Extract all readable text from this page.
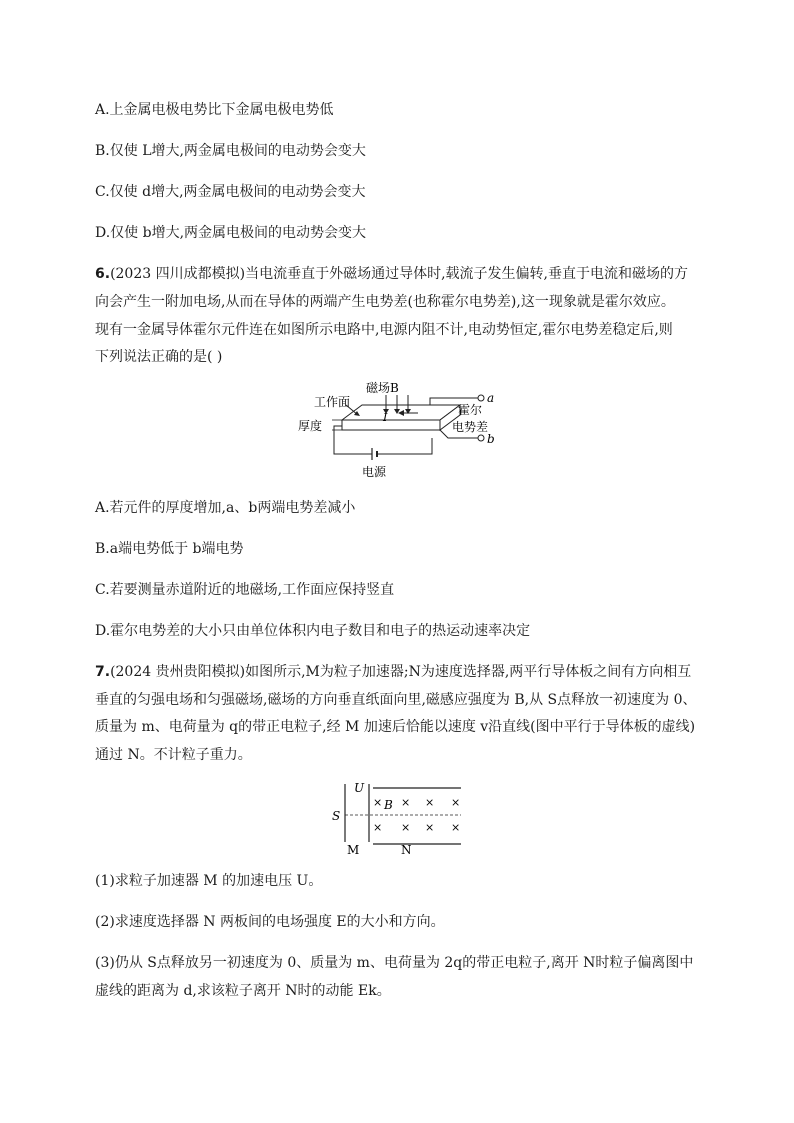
A.上金属电极电势比下金属电极电势低
B.仅使 L增大,两金属电极间的电动势会变大
C.仅使 d增大,两金属电极间的电动势会变大
D.仅使 b增大,两金属电极间的电动势会变大
6.(2023 四川成都模拟)当电流垂直于外磁场通过导体时,载流子发生偏转,垂直于电流和磁场的方
向会产生一附加电场,从而在导体的两端产生电势差(也称霍尔电势差),这一现象就是霍尔效应。
现有一金属导体霍尔元件连在如图所示电路中,电源内阻不计,电动势恒定,霍尔电势差稳定后,则
下列说法正确的是( )
磁场B
工作面
厚度
I
霍尔
电势差
a
b
电源
A.若元件的厚度增加,a、b两端电势差减小
B.a端电势低于 b端电势
C.若要测量赤道附近的地磁场,工作面应保持竖直
D.霍尔电势差的大小只由单位体积内电子数目和电子的热运动速率决定
7.(2024 贵州贵阳模拟)如图所示,M为粒子加速器;N为速度选择器,两平行导体板之间有方向相互
垂直的匀强电场和匀强磁场,磁场的方向垂直纸面向里,磁感应强度为 B,从 S点释放一初速度为 0、
质量为 m、电荷量为 q的带正电粒子,经 M 加速后恰能以速度 v沿直线(图中平行于导体板的虚线)
通过 N。不计粒子重力。
× × × ×
× × × ×
U
S
B
M	N
(1)求粒子加速器 M 的加速电压 U。
(2)求速度选择器 N 两板间的电场强度 E的大小和方向。
(3)仍从 S点释放另一初速度为 0、质量为 m、电荷量为 2q的带正电粒子,离开 N时粒子偏离图中
虚线的距离为 d,求该粒子离开 N时的动能 Ek。
